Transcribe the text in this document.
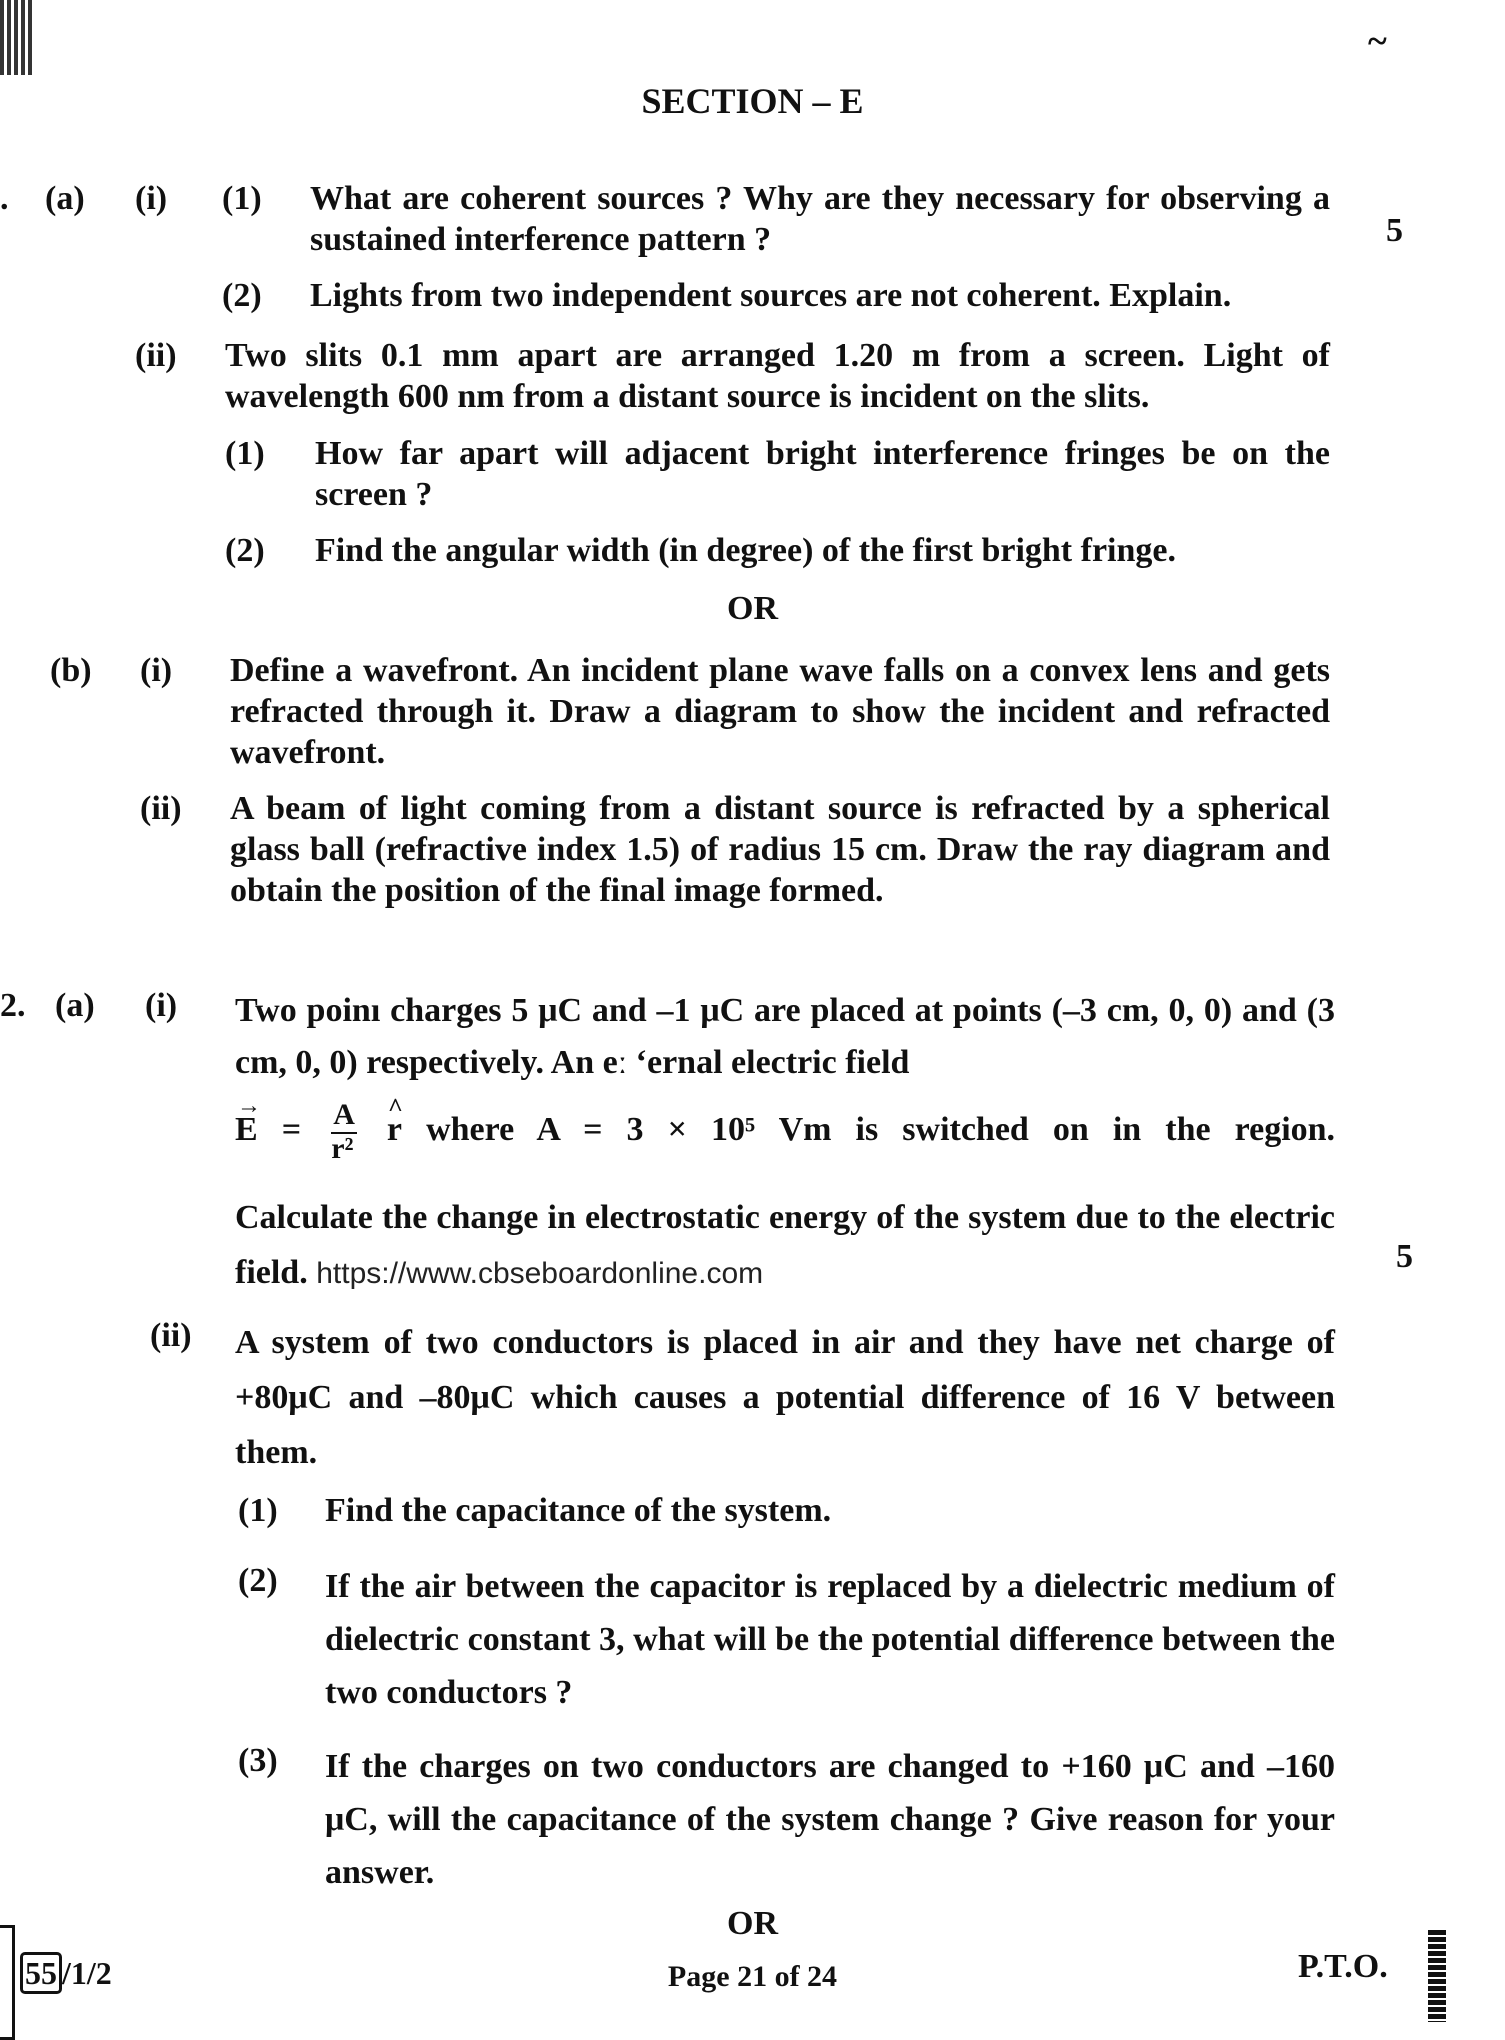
~
SECTION – E
. (a) (i) (1) What are coherent sources ? Why are they necessary for observing a sustained interference pattern ?	5
(2) Lights from two independent sources are not coherent. Explain.
(ii) Two slits 0.1 mm apart are arranged 1.20 m from a screen. Light of wavelength 600 nm from a distant source is incident on the slits.
(1) How far apart will adjacent bright interference fringes be on the screen ?
(2) Find the angular width (in degree) of the first bright fringe.
OR
(b) (i) Define a wavefront. An incident plane wave falls on a convex lens and gets refracted through it. Draw a diagram to show the incident and refracted wavefront.
(ii) A beam of light coming from a distant source is refracted by a spherical glass ball (refractive index 1.5) of radius 15 cm. Draw the ray diagram and obtain the position of the final image formed.
2. (a) (i) Two poinı charges 5 μC and –1 μC are placed at points (–3 cm, 0, 0) and (3 cm, 0, 0) respectively. An eː ʻernal electric field
→ $E = \frac{A}{\text{r²}}$ ^ r where A = 3 × 10⁵ Vm is switched on in the region.
Calculate the change in electrostatic energy of the system due to the electric field. https://www.cbseboardonline.com	5
(ii) A system of two conductors is placed in air and they have net charge of +80μC and –80μC which causes a potential difference of 16 V between them.
(1) Find the capacitance of the system.
(2) If the air between the capacitor is replaced by a dielectric medium of dielectric constant 3, what will be the potential difference between the two conductors ?
(3) If the charges on two conductors are changed to +160 μC and –160 μC, will the capacitance of the system change ? Give reason for your answer.
OR
55 /1/2	Page 21 of 24	P.T.O.
